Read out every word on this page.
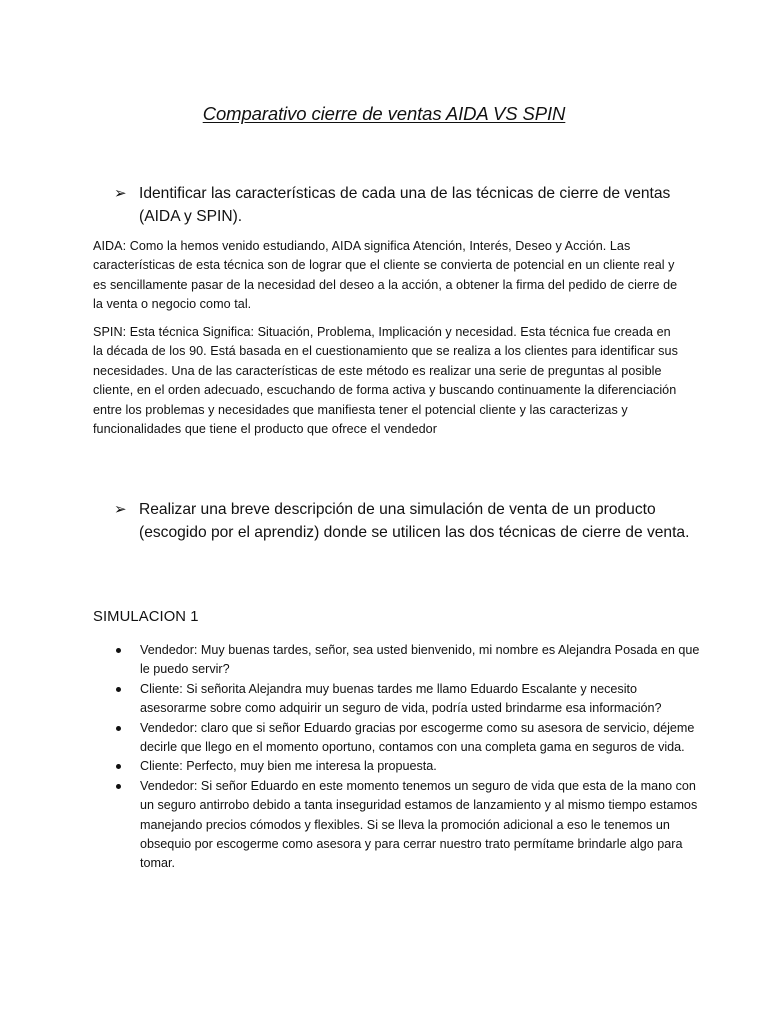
Comparativo cierre de ventas AIDA VS SPIN
➢ Identificar las características de cada una de las técnicas de cierre de ventas (AIDA y SPIN).
AIDA: Como la hemos venido estudiando, AIDA significa Atención, Interés, Deseo y Acción. Las características de esta técnica son de lograr que el cliente se convierta de potencial en un cliente real y es sencillamente pasar de la necesidad del deseo a la acción, a obtener la firma del pedido de cierre de la venta o negocio como tal.
SPIN: Esta técnica Significa: Situación, Problema, Implicación y necesidad. Esta técnica fue creada en la década de los 90. Está basada en el cuestionamiento que se realiza a los clientes para identificar sus necesidades. Una de las características de este método es realizar una serie de preguntas al posible cliente, en el orden adecuado, escuchando de forma activa y buscando continuamente la diferenciación entre los problemas y necesidades que manifiesta tener el potencial cliente y las caracterizas y funcionalidades que tiene el producto que ofrece el vendedor
➢ Realizar una breve descripción de una simulación de venta de un producto (escogido por el aprendiz) donde se utilicen las dos técnicas de cierre de venta.
SIMULACION 1
Vendedor: Muy buenas tardes, señor, sea usted bienvenido, mi nombre es Alejandra Posada en que le puedo servir?
Cliente: Si señorita Alejandra muy buenas tardes me llamo Eduardo Escalante y necesito asesorarme sobre como adquirir un seguro de vida, podría usted brindarme esa información?
Vendedor: claro que si señor Eduardo gracias por escogerme como su asesora de servicio, déjeme decirle que llego en el momento oportuno, contamos con una completa gama en seguros de vida.
Cliente: Perfecto, muy bien me interesa la propuesta.
Vendedor: Si señor Eduardo en este momento tenemos un seguro de vida que esta de la mano con un seguro antirrobo debido a tanta inseguridad estamos de lanzamiento y al mismo tiempo estamos manejando precios cómodos y flexibles. Si se lleva la promoción adicional a eso le tenemos un obsequio por escogerme como asesora y para cerrar nuestro trato permítame brindarle algo para tomar.
